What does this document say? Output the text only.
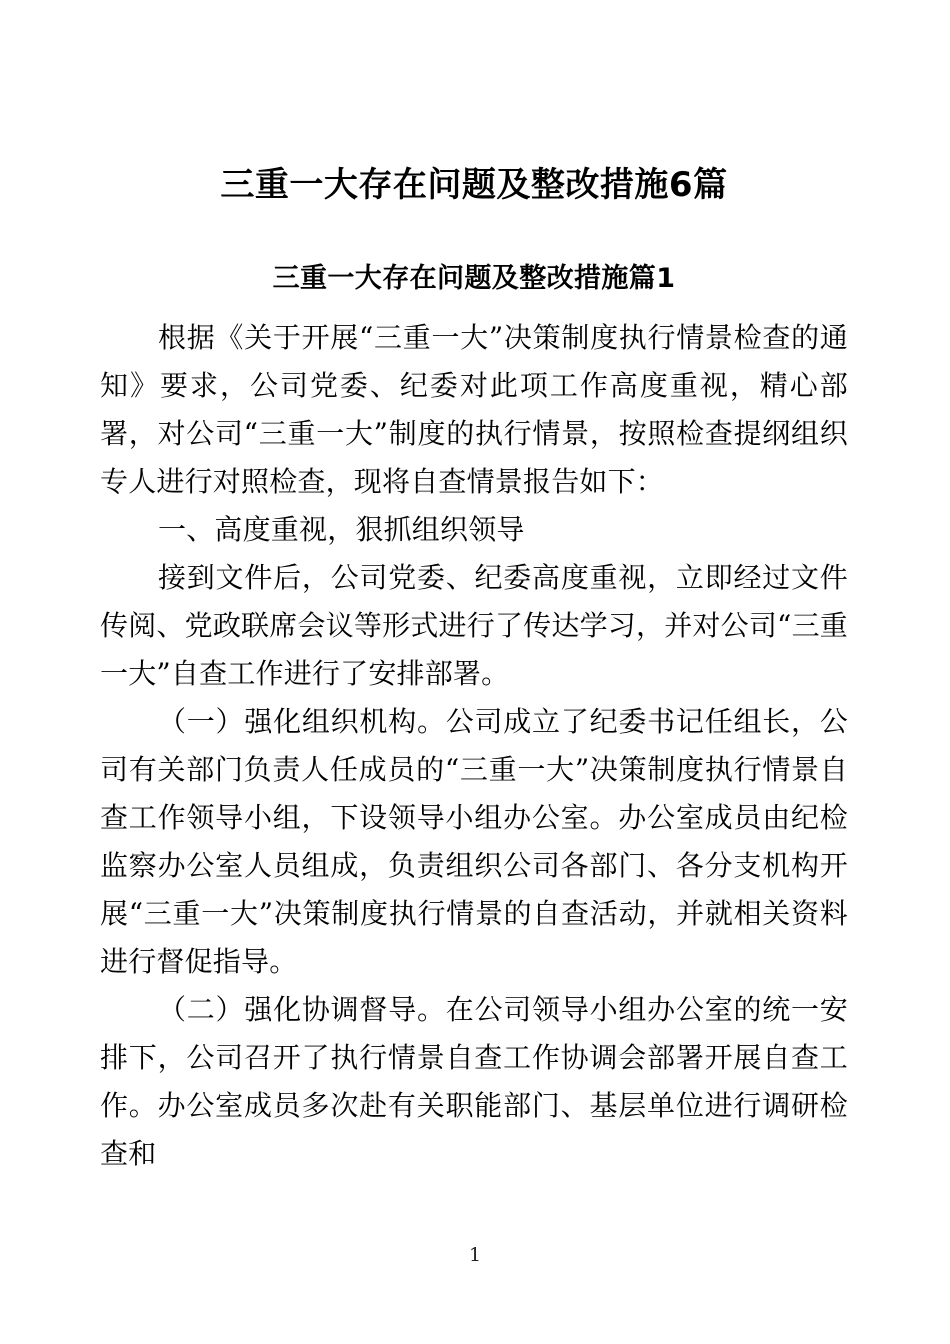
三重一大存在问题及整改措施6篇
三重一大存在问题及整改措施篇1

根据《关于开展“三重一大”决策制度执行情景检查的通知》要求，公司党委、纪委对此项工作高度重视，精心部署，对公司“三重一大”制度的执行情景，按照检查提纲组织专人进行对照检查，现将自查情景报告如下：

一、高度重视，狠抓组织领导

接到文件后，公司党委、纪委高度重视，立即经过文件传阅、党政联席会议等形式进行了传达学习，并对公司“三重一大”自查工作进行了安排部署。

（一）强化组织机构。公司成立了纪委书记任组长，公司有关部门负责人任成员的“三重一大”决策制度执行情景自查工作领导小组，下设领导小组办公室。办公室成员由纪检监察办公室人员组成，负责组织公司各部门、各分支机构开展“三重一大”决策制度执行情景的自查活动，并就相关资料进行督促指导。

（二）强化协调督导。在公司领导小组办公室的统一安排下，公司召开了执行情景自查工作协调会部署开展自查工作。办公室成员多次赴有关职能部门、基层单位进行调研检查和

1
